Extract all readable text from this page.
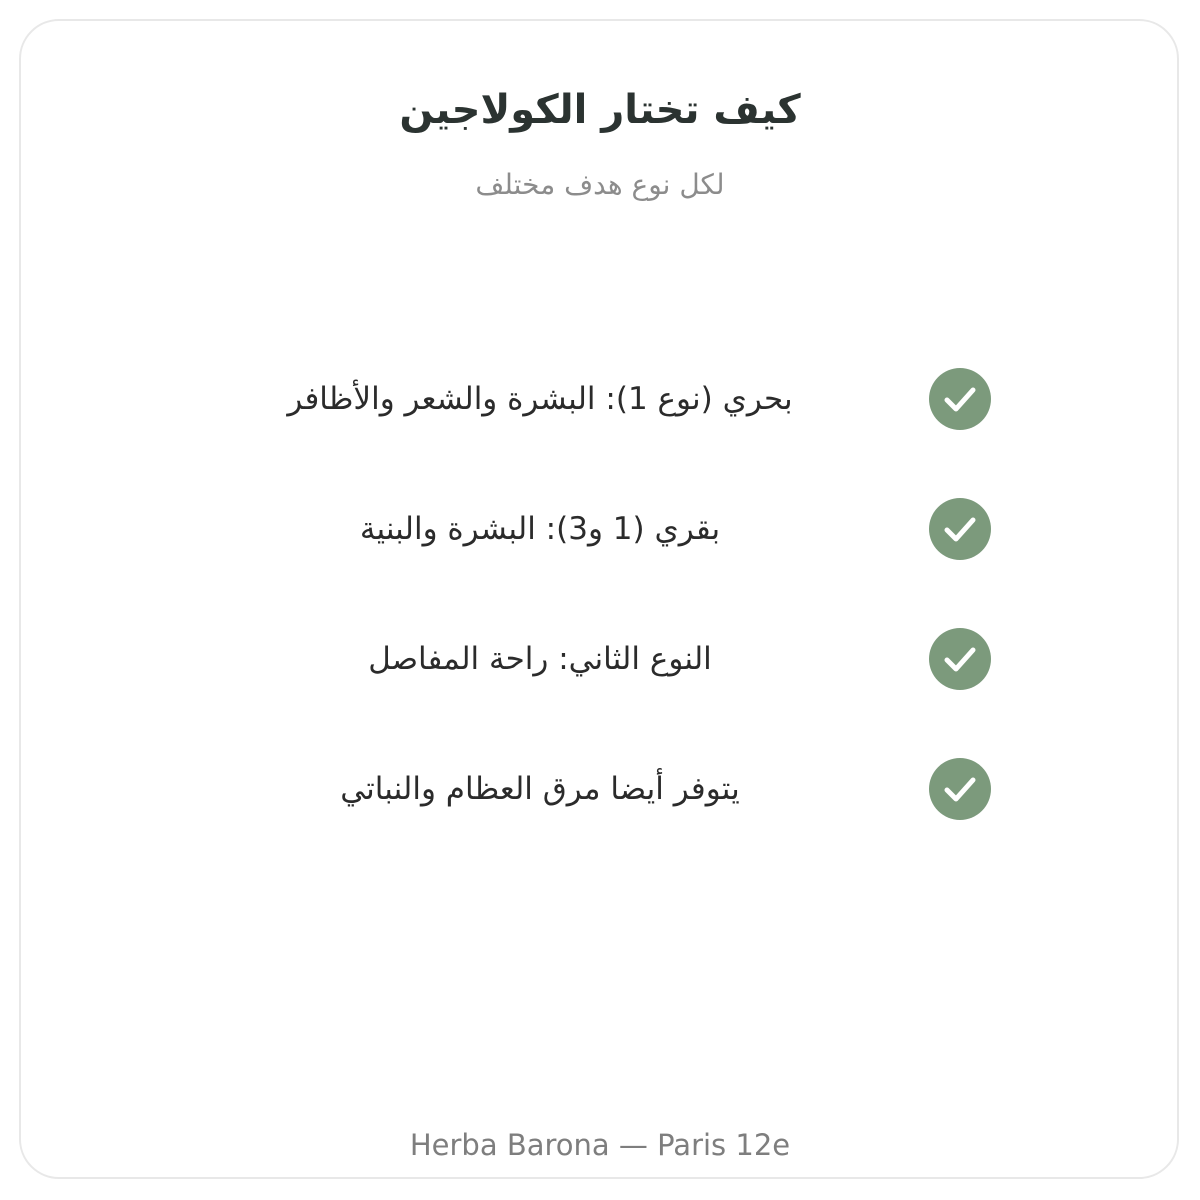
كيف تختار الكولاجين
لكل نوع هدف مختلف
بحري (نوع 1): البشرة والشعر والأظافر
بقري (1 و3): البشرة والبنية
النوع الثاني: راحة المفاصل
يتوفر أيضا مرق العظام والنباتي
Herba Barona — Paris 12e
